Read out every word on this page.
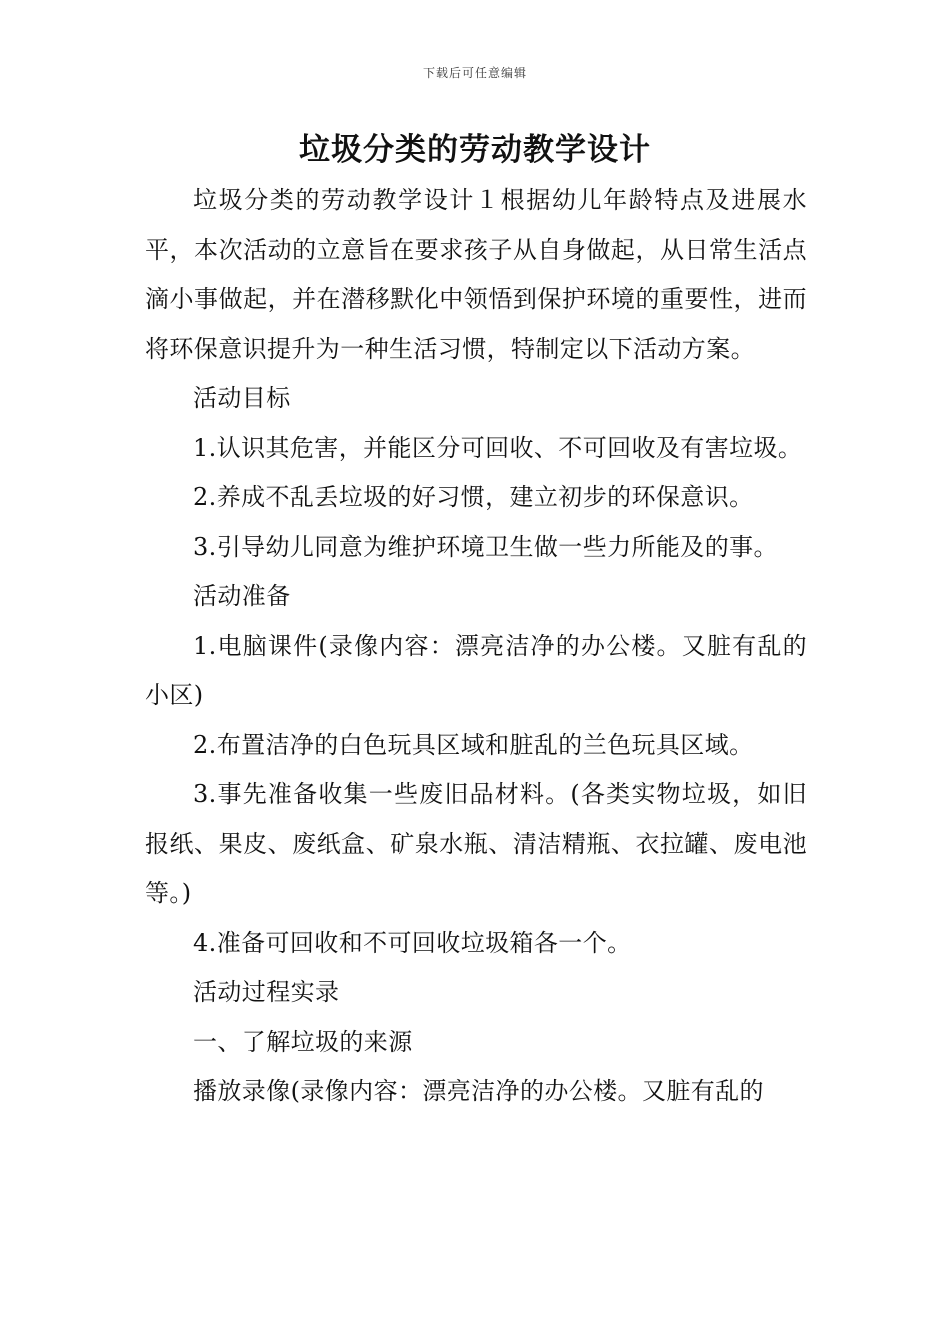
下载后可任意编辑
垃圾分类的劳动教学设计

垃圾分类的劳动教学设计１根据幼儿年龄特点及进展水平，本次活动的立意旨在要求孩子从自身做起，从日常生活点滴小事做起，并在潜移默化中领悟到保护环境的重要性，进而将环保意识提升为一种生活习惯，特制定以下活动方案。

活动目标

1.认识其危害，并能区分可回收、不可回收及有害垃圾。

2.养成不乱丢垃圾的好习惯，建立初步的环保意识。

3.引导幼儿同意为维护环境卫生做一些力所能及的事。

活动准备

1.电脑课件(录像内容：漂亮洁净的办公楼。又脏有乱的小区)

2.布置洁净的白色玩具区域和脏乱的兰色玩具区域。

3.事先准备收集一些废旧品材料。(各类实物垃圾，如旧报纸、果皮、废纸盒、矿泉水瓶、清洁精瓶、衣拉罐、废电池等。)

4.准备可回收和不可回收垃圾箱各一个。

活动过程实录

一、了解垃圾的来源

播放录像(录像内容：漂亮洁净的办公楼。又脏有乱的
